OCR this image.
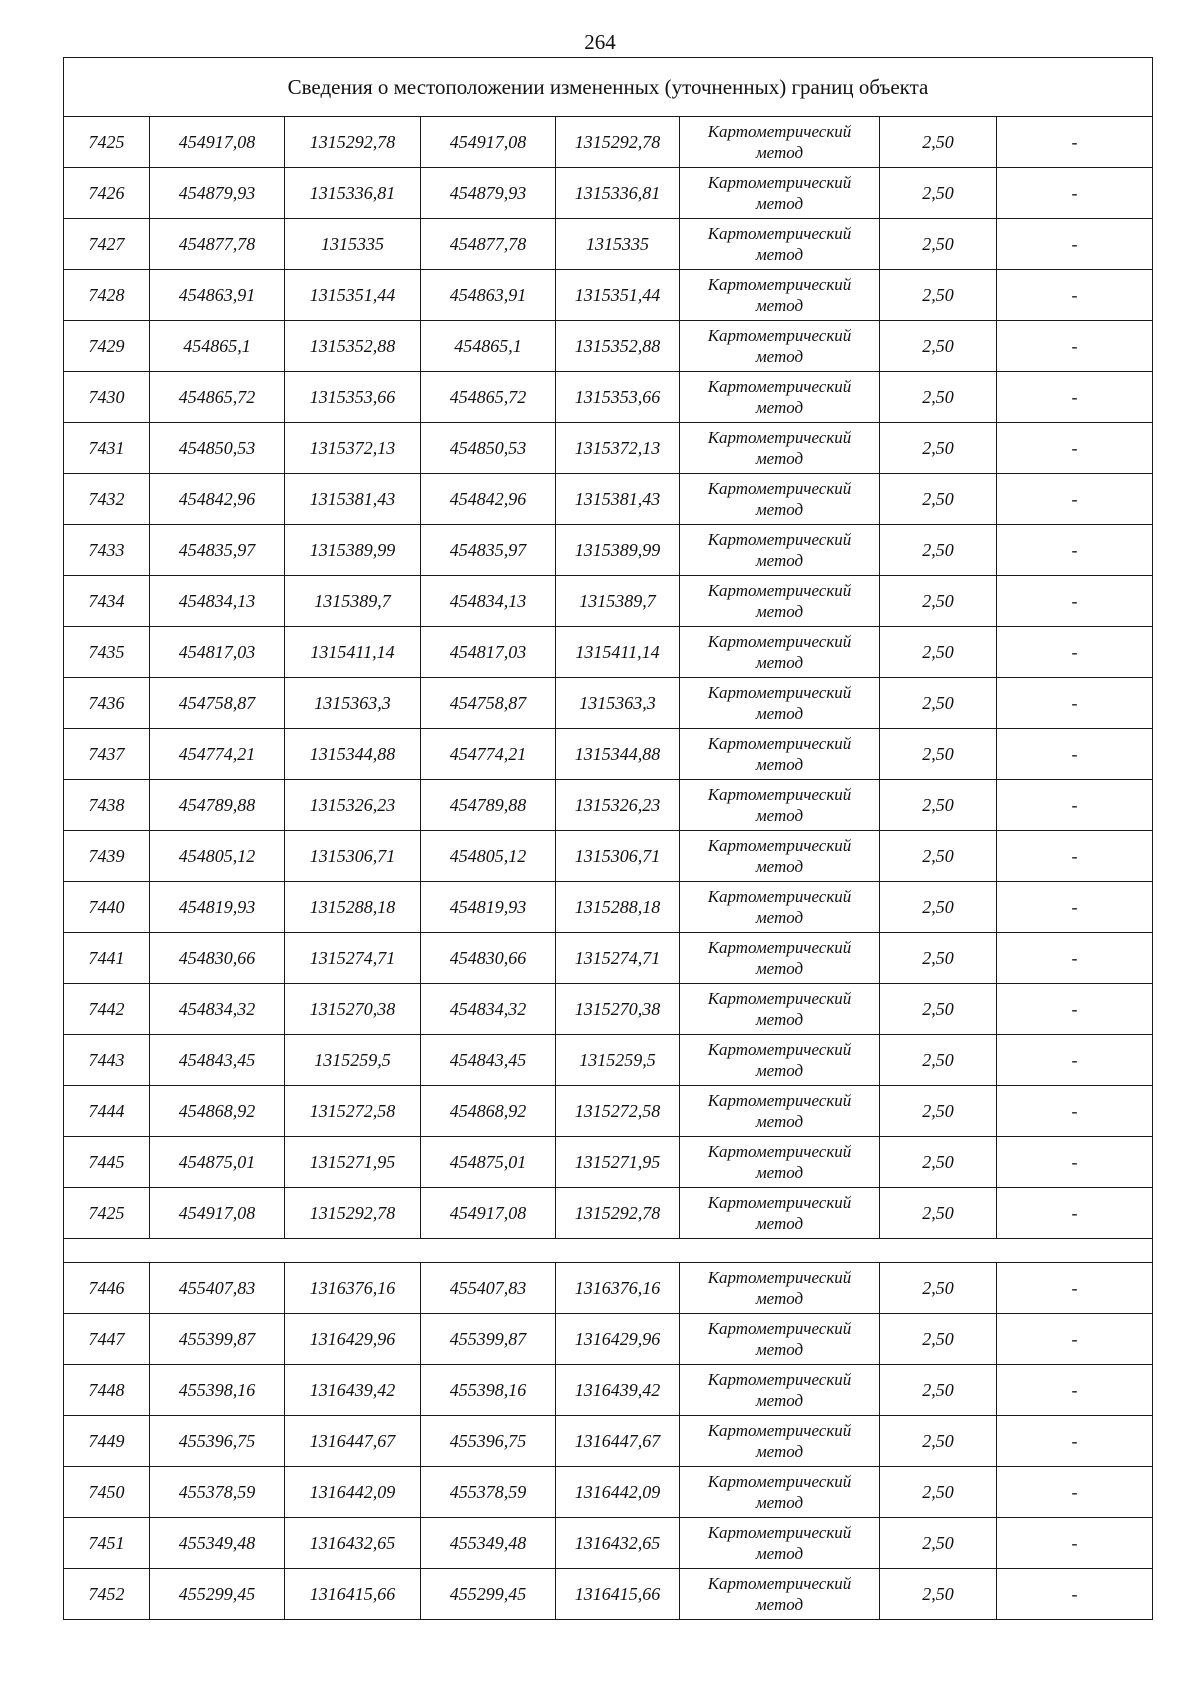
264
Сведения о местоположении измененных (уточненных) границ объекта							
7425	454917,08	1315292,78	454917,08	1315292,78	Картометрический
метод	2,50	-
7426	454879,93	1315336,81	454879,93	1315336,81	Картометрический
метод	2,50	-
7427	454877,78	1315335	454877,78	1315335	Картометрический
метод	2,50	-
7428	454863,91	1315351,44	454863,91	1315351,44	Картометрический
метод	2,50	-
7429	454865,1	1315352,88	454865,1	1315352,88	Картометрический
метод	2,50	-
7430	454865,72	1315353,66	454865,72	1315353,66	Картометрический
метод	2,50	-
7431	454850,53	1315372,13	454850,53	1315372,13	Картометрический
метод	2,50	-
7432	454842,96	1315381,43	454842,96	1315381,43	Картометрический
метод	2,50	-
7433	454835,97	1315389,99	454835,97	1315389,99	Картометрический
метод	2,50	-
7434	454834,13	1315389,7	454834,13	1315389,7	Картометрический
метод	2,50	-
7435	454817,03	1315411,14	454817,03	1315411,14	Картометрический
метод	2,50	-
7436	454758,87	1315363,3	454758,87	1315363,3	Картометрический
метод	2,50	-
7437	454774,21	1315344,88	454774,21	1315344,88	Картометрический
метод	2,50	-
7438	454789,88	1315326,23	454789,88	1315326,23	Картометрический
метод	2,50	-
7439	454805,12	1315306,71	454805,12	1315306,71	Картометрический
метод	2,50	-
7440	454819,93	1315288,18	454819,93	1315288,18	Картометрический
метод	2,50	-
7441	454830,66	1315274,71	454830,66	1315274,71	Картометрический
метод	2,50	-
7442	454834,32	1315270,38	454834,32	1315270,38	Картометрический
метод	2,50	-
7443	454843,45	1315259,5	454843,45	1315259,5	Картометрический
метод	2,50	-
7444	454868,92	1315272,58	454868,92	1315272,58	Картометрический
метод	2,50	-
7445	454875,01	1315271,95	454875,01	1315271,95	Картометрический
метод	2,50	-
7425	454917,08	1315292,78	454917,08	1315292,78	Картометрический
метод	2,50	-

7446	455407,83	1316376,16	455407,83	1316376,16	Картометрический
метод	2,50	-
7447	455399,87	1316429,96	455399,87	1316429,96	Картометрический
метод	2,50	-
7448	455398,16	1316439,42	455398,16	1316439,42	Картометрический
метод	2,50	-
7449	455396,75	1316447,67	455396,75	1316447,67	Картометрический
метод	2,50	-
7450	455378,59	1316442,09	455378,59	1316442,09	Картометрический
метод	2,50	-
7451	455349,48	1316432,65	455349,48	1316432,65	Картометрический
метод	2,50	-
7452	455299,45	1316415,66	455299,45	1316415,66	Картометрический
метод	2,50	-
